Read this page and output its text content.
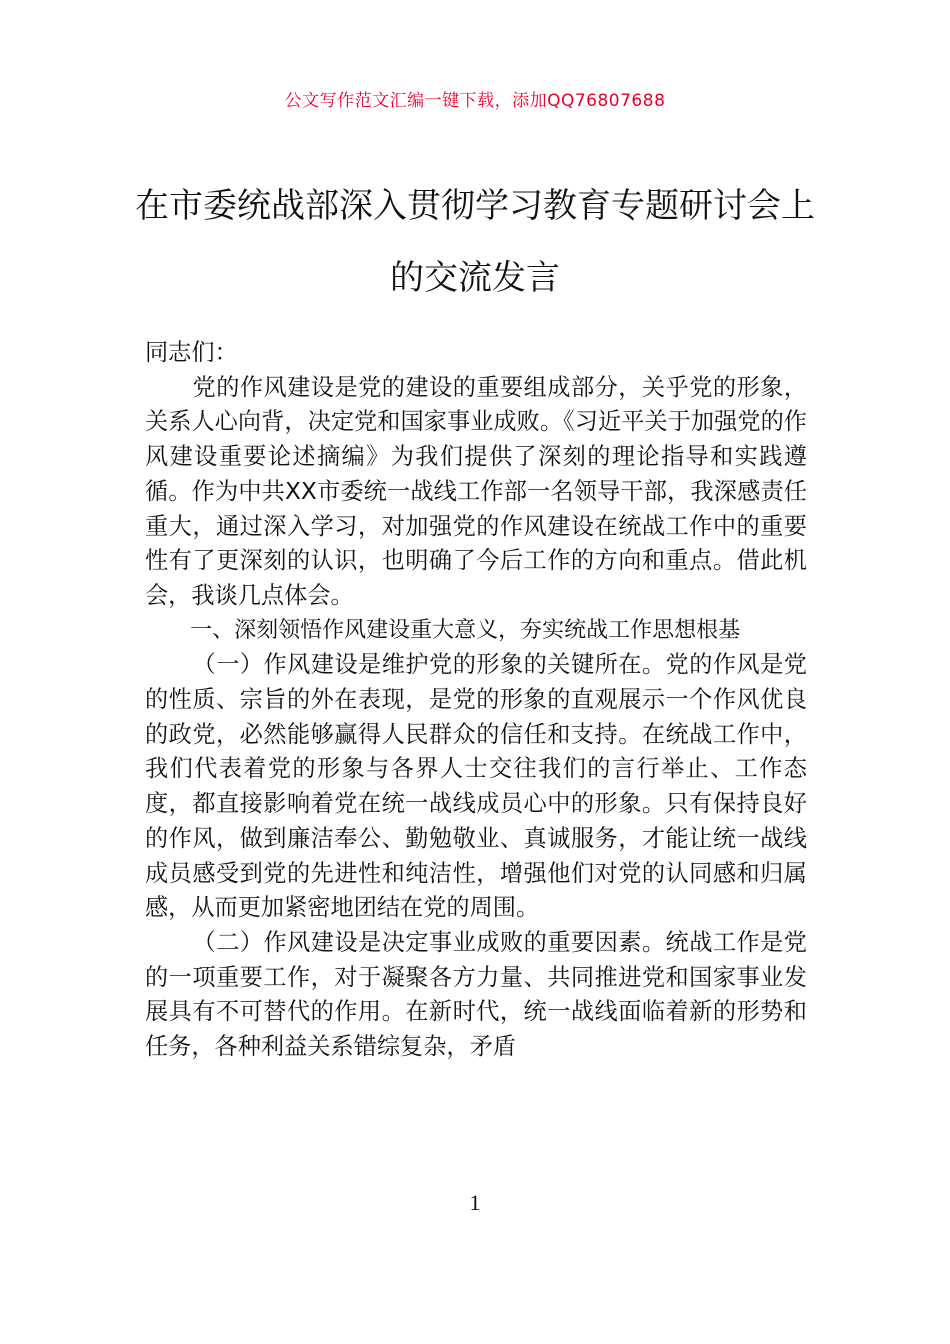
公文写作范文汇编一键下载，添加QQ76807688
在市委统战部深入贯彻学习教育专题研讨会上的交流发言

同志们：

党的作风建设是党的建设的重要组成部分，关乎党的形象，关系人心向背，决定党和国家事业成败。《习近平关于加强党的作风建设重要论述摘编》为我们提供了深刻的理论指导和实践遵循。作为中共XX市委统一战线工作部一名领导干部，我深感责任重大，通过深入学习，对加强党的作风建设在统战工作中的重要性有了更深刻的认识，也明确了今后工作的方向和重点。借此机会，我谈几点体会。

一、深刻领悟作风建设重大意义，夯实统战工作思想根基

（一）作风建设是维护党的形象的关键所在。党的作风是党的性质、宗旨的外在表现，是党的形象的直观展示一个作风优良的政党，必然能够赢得人民群众的信任和支持。在统战工作中，我们代表着党的形象与各界人士交往我们的言行举止、工作态度，都直接影响着党在统一战线成员心中的形象。只有保持良好的作风，做到廉洁奉公、勤勉敬业、真诚服务，才能让统一战线成员感受到党的先进性和纯洁性，增强他们对党的认同感和归属感，从而更加紧密地团结在党的周围。

（二）作风建设是决定事业成败的重要因素。统战工作是党的一项重要工作，对于凝聚各方力量、共同推进党和国家事业发展具有不可替代的作用。在新时代，统一战线面临着新的形势和任务，各种利益关系错综复杂，矛盾

1
